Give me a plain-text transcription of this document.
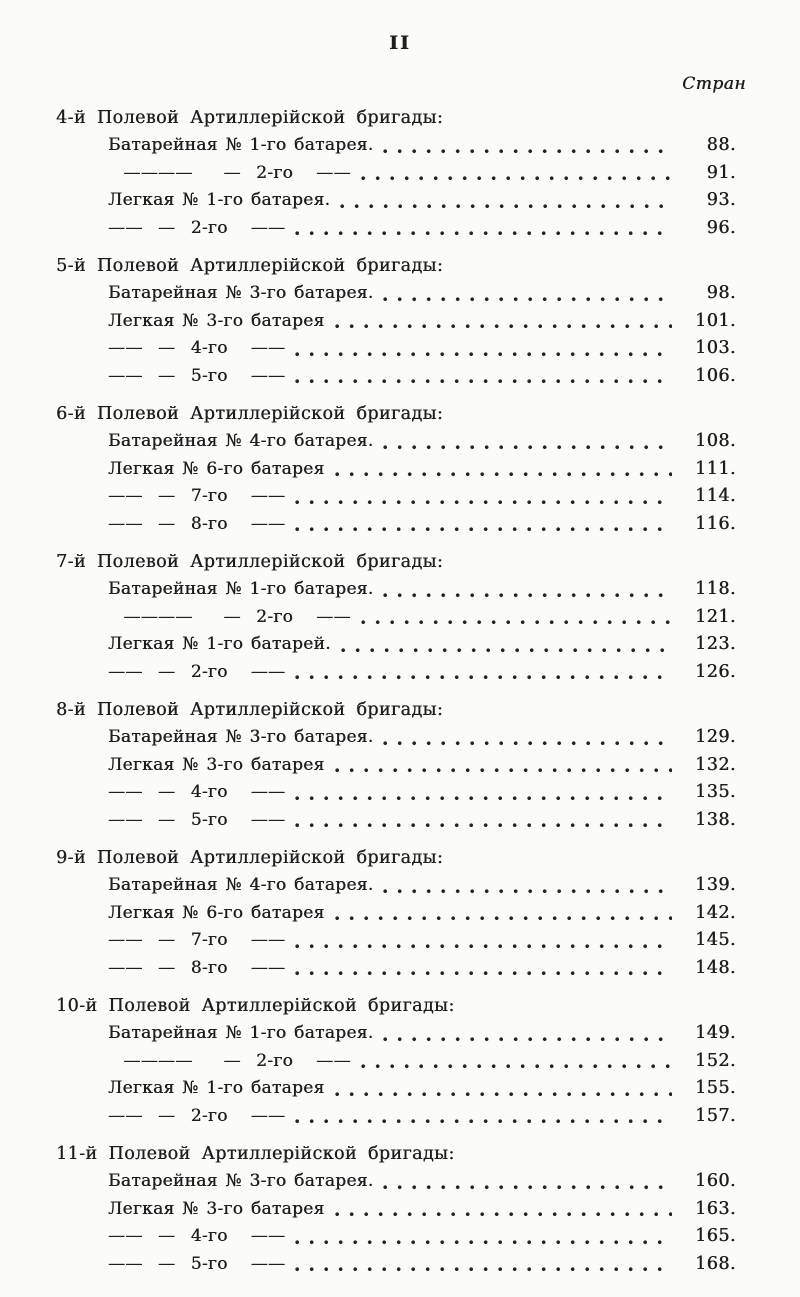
II
Стран
4-й Полевой Артиллерійской бригады:
Батарейная № 1-го батарея.	88.
————    —  2-го   ——	91.
Легкая № 1-го батарея.	93.
——  —  2-го   ——	96.
5-й Полевой Артиллерійской бригады:
Батарейная № 3-го батарея.	98.
Легкая № 3-го батарея	101.
——  —  4-го   ——	103.
——  —  5-го   ——	106.
6-й Полевой Артиллерійской бригады:
Батарейная № 4-го батарея.	108.
Легкая № 6-го батарея	111.
——  —  7-го   ——	114.
——  —  8-го   ——	116.
7-й Полевой Артиллерійской бригады:
Батарейная № 1-го батарея.	118.
————    —  2-го   ——	121.
Легкая № 1-го батарей.	123.
——  —  2-го   ——	126.
8-й Полевой Артиллерійской бригады:
Батарейная № 3-го батарея.	129.
Легкая № 3-го батарея	132.
——  —  4-го   ——	135.
——  —  5-го   ——	138.
9-й Полевой Артиллерійской бригады:
Батарейная № 4-го батарея.	139.
Легкая № 6-го батарея	142.
——  —  7-го   ——	145.
——  —  8-го   ——	148.
10-й Полевой Артиллерійской бригады:
Батарейная № 1-го батарея.	149.
————    —  2-го   ——	152.
Легкая № 1-го батарея	155.
——  —  2-го   ——	157.
11-й Полевой Артиллерійской бригады:
Батарейная № 3-го батарея.	160.
Легкая № 3-го батарея	163.
——  —  4-го   ——	165.
——  —  5-го   ——	168.
